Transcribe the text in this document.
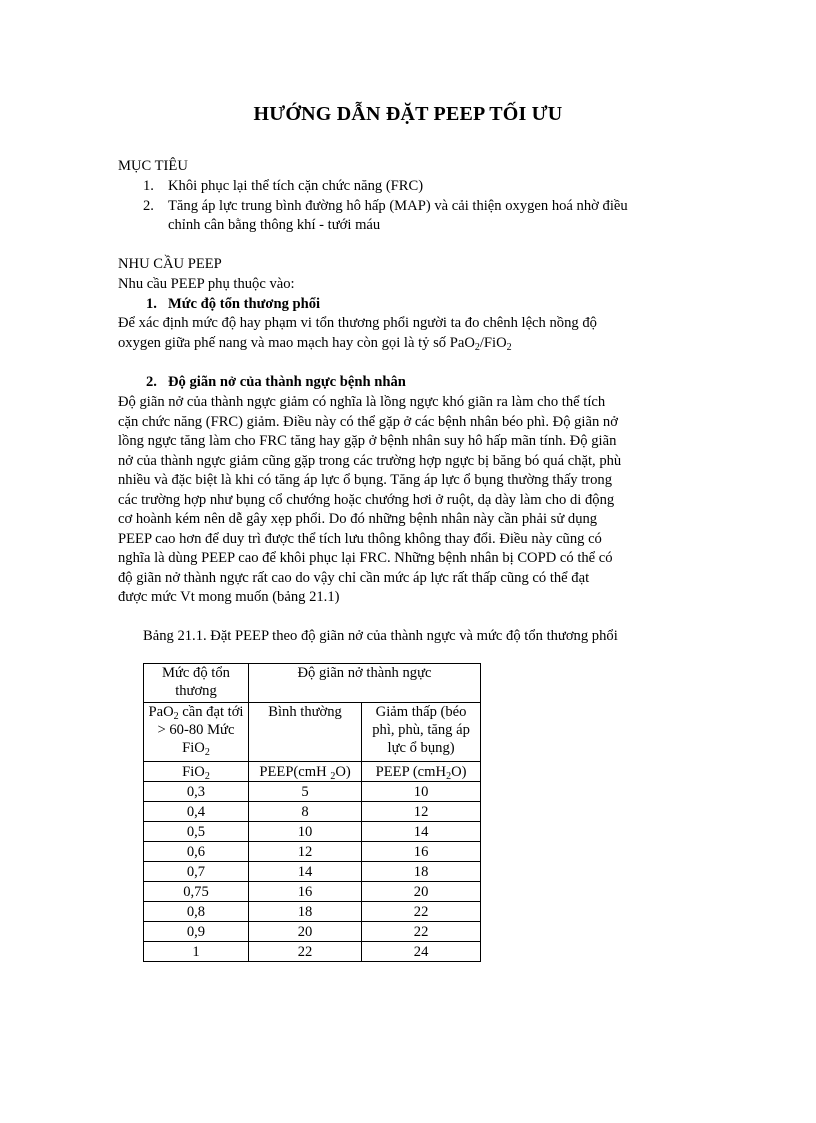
HƯỚNG DẪN ĐẶT PEEP TỐI ƯU
MỤC TIÊU
1. Khôi phục lại thể tích cặn chức năng (FRC)
2. Tăng áp lực trung bình đường hô hấp (MAP) và cải thiện oxygen hoá nhờ điều
chỉnh cân bằng thông khí - tưới máu
NHU CẦU PEEP
Nhu cầu PEEP phụ thuộc vào:
1. Mức độ tổn thương phổi
Để xác định mức độ hay phạm vi tổn thương phổi người ta đo chênh lệch nồng độ
oxygen giữa phế nang và mao mạch hay còn gọi là tỷ số PaO$_2$/FiO$_2$
2. Độ giãn nở của thành ngực bệnh nhân
Độ giãn nở của thành ngực giảm có nghĩa là lồng ngực khó giãn ra làm cho thể tích
cặn chức năng (FRC) giảm. Điều này có thể gặp ở các bệnh nhân béo phì. Độ giãn nở
lồng ngực tăng làm cho FRC tăng hay gặp ở bệnh nhân suy hô hấp mãn tính. Độ giãn
nở của thành ngực giảm cũng gặp trong các trường hợp ngực bị băng bó quá chặt, phù
nhiều và đặc biệt là khi có tăng áp lực ổ bụng. Tăng áp lực ổ bụng thường thấy trong
các trường hợp như bụng cổ chướng hoặc chướng hơi ở ruột, dạ dày làm cho di động
cơ hoành kém nên dễ gây xẹp phổi. Do đó những bệnh nhân này cần phải sử dụng
PEEP cao hơn để duy trì được thể tích lưu thông không thay đổi. Điều này cũng có
nghĩa là dùng PEEP cao để khôi phục lại FRC. Những bệnh nhân bị COPD có thể có
độ giãn nở thành ngực rất cao do vậy chỉ cần mức áp lực rất thấp cũng có thể đạt
được mức Vt mong muốn (bảng 21.1)
Bảng 21.1. Đặt PEEP theo độ giãn nở của thành ngực và mức độ tổn thương phổi
Mức độ tổn thương	Độ giãn nở thành ngực	
PaO$_2$ cần đạt tới > 60-80 Mức FiO$_2$	Bình thường	Giảm thấp (béo phì, phù, tăng áp lực ổ bụng)
FiO$_2$	PEEP(cmH $_2$O)	PEEP (cmH$_2$O)
0,3	5	10
0,4	8	12
0,5	10	14
0,6	12	16
0,7	14	18
0,75	16	20
0,8	18	22
0,9	20	22
1	22	24
